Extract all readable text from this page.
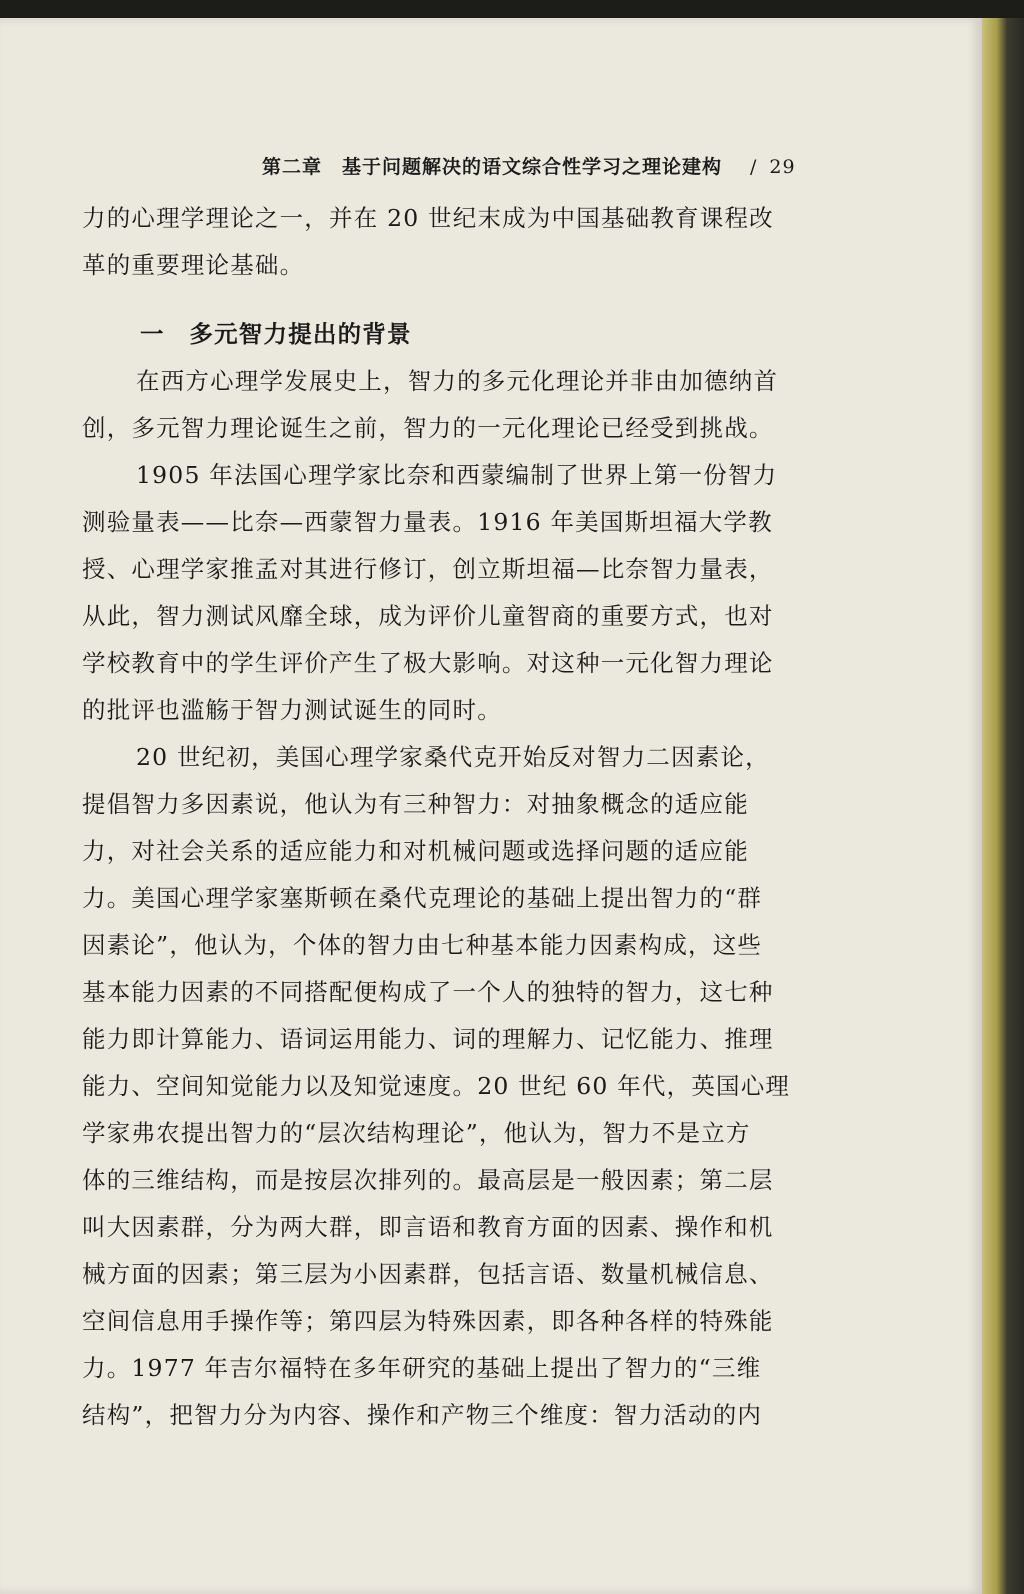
第二章　基于问题解决的语文综合性学习之理论建构 / 29
力的心理学理论之一，并在 20 世纪末成为中国基础教育课程改
革的重要理论基础。
一　多元智力提出的背景
在西方心理学发展史上，智力的多元化理论并非由加德纳首
创，多元智力理论诞生之前，智力的一元化理论已经受到挑战。
1905 年法国心理学家比奈和西蒙编制了世界上第一份智力
测验量表——比奈—西蒙智力量表。1916 年美国斯坦福大学教
授、心理学家推孟对其进行修订，创立斯坦福—比奈智力量表，
从此，智力测试风靡全球，成为评价儿童智商的重要方式，也对
学校教育中的学生评价产生了极大影响。对这种一元化智力理论
的批评也滥觞于智力测试诞生的同时。
20 世纪初，美国心理学家桑代克开始反对智力二因素论，
提倡智力多因素说，他认为有三种智力：对抽象概念的适应能
力，对社会关系的适应能力和对机械问题或选择问题的适应能
力。美国心理学家塞斯顿在桑代克理论的基础上提出智力的“群
因素论”，他认为，个体的智力由七种基本能力因素构成，这些
基本能力因素的不同搭配便构成了一个人的独特的智力，这七种
能力即计算能力、语词运用能力、词的理解力、记忆能力、推理
能力、空间知觉能力以及知觉速度。20 世纪 60 年代，英国心理
学家弗农提出智力的“层次结构理论”，他认为，智力不是立方
体的三维结构，而是按层次排列的。最高层是一般因素；第二层
叫大因素群，分为两大群，即言语和教育方面的因素、操作和机
械方面的因素；第三层为小因素群，包括言语、数量机械信息、
空间信息用手操作等；第四层为特殊因素，即各种各样的特殊能
力。1977 年吉尔福特在多年研究的基础上提出了智力的“三维
结构”，把智力分为内容、操作和产物三个维度：智力活动的内
